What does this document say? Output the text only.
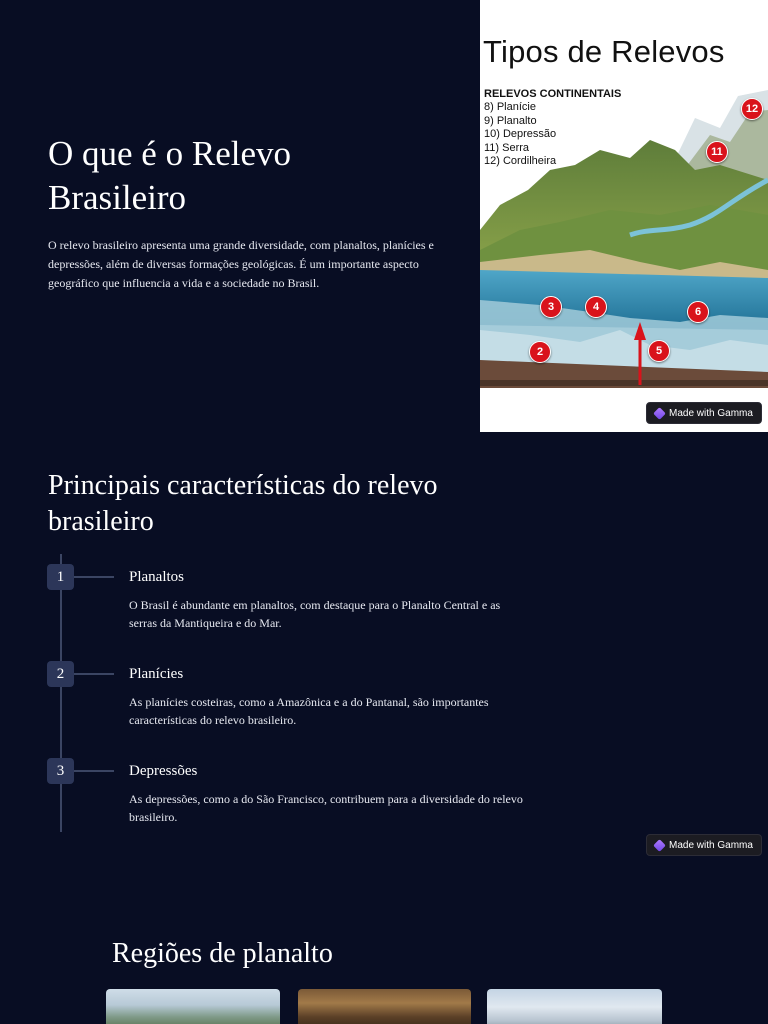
O que é o Relevo Brasileiro

O relevo brasileiro apresenta uma grande diversidade, com planaltos, planícies e depressões, além de diversas formações geológicas. É um importante aspecto geográfico que influencia a vida e a sociedade no Brasil.

Tipos de Relevos
RELEVOS CONTINENTAIS
8) Planície
9) Planalto
10) Depressão
11) Serra
12) Cordilheira
12
11
3	4	6
5
2
Made with Gamma
Principais características do relevo brasileiro
1	Planaltos
O Brasil é abundante em planaltos, com destaque para o Planalto Central e as serras da Mantiqueira e do Mar.
2	Planícies
As planícies costeiras, como a Amazônica e a do Pantanal, são importantes características do relevo brasileiro.
3	Depressões
As depressões, como a do São Francisco, contribuem para a diversidade do relevo brasileiro.
Made with Gamma
Regiões de planalto
